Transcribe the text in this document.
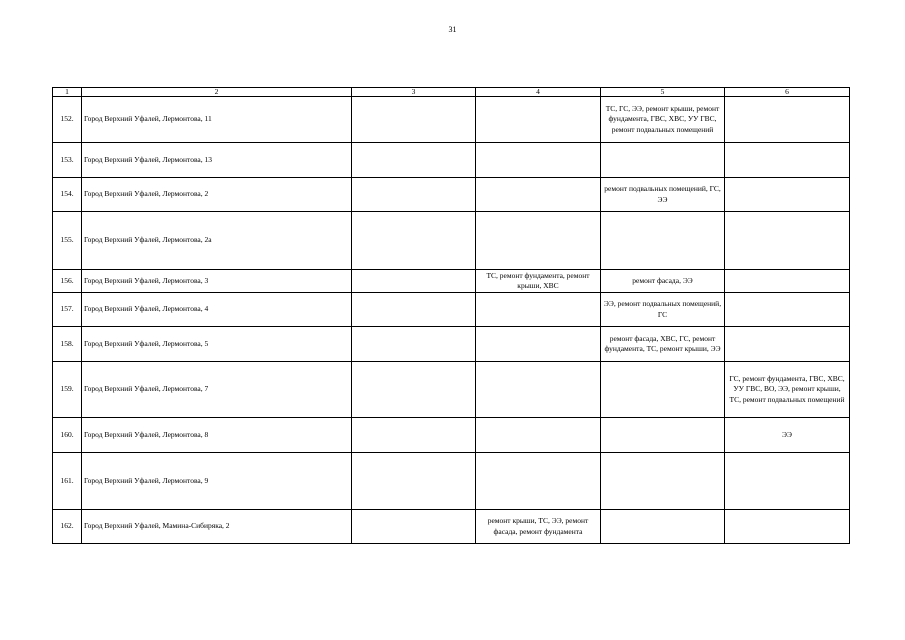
31
1	2	3	4	5	6
152.	Город Верхний Уфалей, Лермонтова, 11			ТС, ГС, ЭЭ, ремонт крыши, ремонт фундамента, ГВС, ХВС, УУ ГВС, ремонт подвальных помещений	
153.	Город Верхний Уфалей, Лермонтова, 13				
154.	Город Верхний Уфалей, Лермонтова, 2			ремонт подвальных помещений, ГС, ЭЭ	
155.	Город Верхний Уфалей, Лермонтова, 2а				
156.	Город Верхний Уфалей, Лермонтова, 3		ТС, ремонт фундамента, ремонт крыши, ХВС	ремонт фасада, ЭЭ	
157.	Город Верхний Уфалей, Лермонтова, 4			ЭЭ, ремонт подвальных помещений, ГС	
158.	Город Верхний Уфалей, Лермонтова, 5			ремонт фасада, ХВС, ГС, ремонт фундамента, ТС, ремонт крыши, ЭЭ	
159.	Город Верхний Уфалей, Лермонтова, 7				ГС, ремонт фундамента, ГВС, ХВС, УУ ГВС, ВО, ЭЭ, ремонт крыши, ТС, ремонт подвальных помещений
160.	Город Верхний Уфалей, Лермонтова, 8				ЭЭ
161.	Город Верхний Уфалей, Лермонтова, 9				
162.	Город Верхний Уфалей, Мамина-Сибиряка, 2		ремонт крыши, ТС, ЭЭ, ремонт фасада, ремонт фундамента		
